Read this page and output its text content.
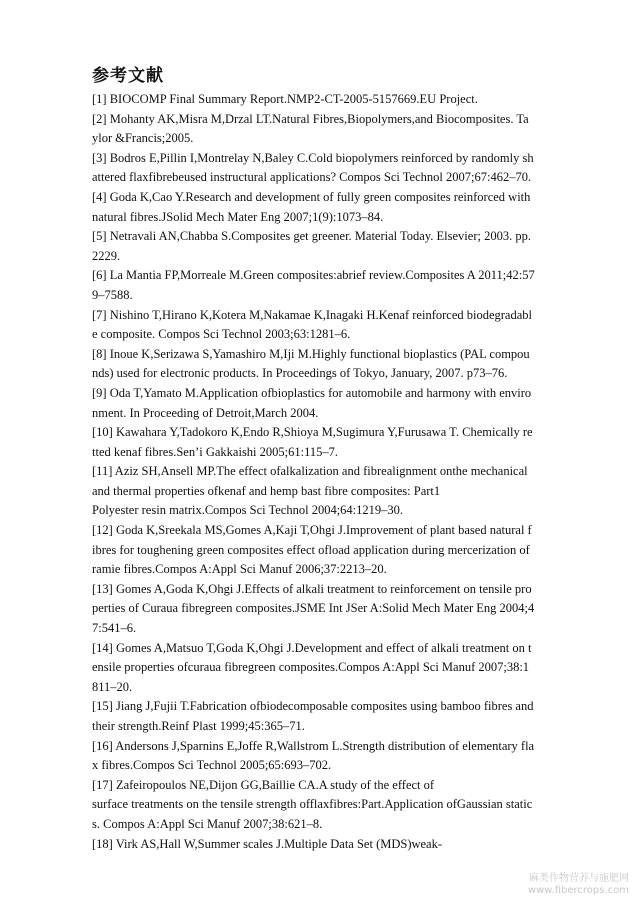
参考文献
[1] BIOCOMP Final Summary Report.NMP2-CT-2005-5157669.EU Project.
[2] Mohanty AK,Misra M,Drzal LT.Natural Fibres,Biopolymers,and Biocomposites. Ta
ylor &Francis;2005.
[3] Bodros E,Pillin I,Montrelay N,Baley C.Cold biopolymers reinforced by randomly sh
attered flaxfibrebeused instructural applications? Compos Sci Technol 2007;67:462–70.
[4] Goda K,Cao Y.Research and development of fully green composites reinforced with
natural fibres.JSolid Mech Mater Eng 2007;1(9):1073–84.
[5] Netravali AN,Chabba S.Composites get greener. Material Today. Elsevier; 2003. pp.
2229.
[6] La Mantia FP,Morreale M.Green composites:abrief review.Composites A 2011;42:57
9–7588.
[7] Nishino T,Hirano K,Kotera M,Nakamae K,Inagaki H.Kenaf reinforced biodegradabl
e composite. Compos Sci Technol 2003;63:1281–6.
[8] Inoue K,Serizawa S,Yamashiro M,Iji M.Highly functional bioplastics (PAL compou
nds) used for electronic products. In Proceedings of Tokyo, January, 2007. p73–76.
[9] Oda T,Yamato M.Application ofbioplastics for automobile and harmony with enviro
nment. In Proceeding of Detroit,March 2004.
[10] Kawahara Y,Tadokoro K,Endo R,Shioya M,Sugimura Y,Furusawa T. Chemically re
tted kenaf fibres.Sen’i Gakkaishi 2005;61:115–7.
[11] Aziz SH,Ansell MP.The effect ofalkalization and fibrealignment onthe mechanical
and thermal properties ofkenaf and hemp bast fibre composites: Part1
Polyester resin matrix.Compos Sci Technol 2004;64:1219–30.
[12] Goda K,Sreekala MS,Gomes A,Kaji T,Ohgi J.Improvement of plant based natural f
ibres for toughening green composites effect ofload application during mercerization of
ramie fibres.Compos A:Appl Sci Manuf 2006;37:2213–20.
[13] Gomes A,Goda K,Ohgi J.Effects of alkali treatment to reinforcement on tensile pro
perties of Curaua fibregreen composites.JSME Int JSer A:Solid Mech Mater Eng 2004;4
7:541–6.
[14] Gomes A,Matsuo T,Goda K,Ohgi J.Development and effect of alkali treatment on t
ensile properties ofcuraua fibregreen composites.Compos A:Appl Sci Manuf 2007;38:1
811–20.
[15] Jiang J,Fujii T.Fabrication ofbiodecomposable composites using bamboo fibres and
their strength.Reinf Plast 1999;45:365–71.
[16] Andersons J,Sparnins E,Joffe R,Wallstrom L.Strength distribution of elementary fla
x fibres.Compos Sci Technol 2005;65:693–702.
[17] Zafeiropoulos NE,Dijon GG,Baillie CA.A study of the effect of
surface treatments on the tensile strength offlaxfibres:Part.Application ofGaussian static
s. Compos A:Appl Sci Manuf 2007;38:621–8.
[18] Virk AS,Hall W,Summer scales J.Multiple Data Set (MDS)weak-
麻类作物营养与施肥网
www.fibercrops.com
